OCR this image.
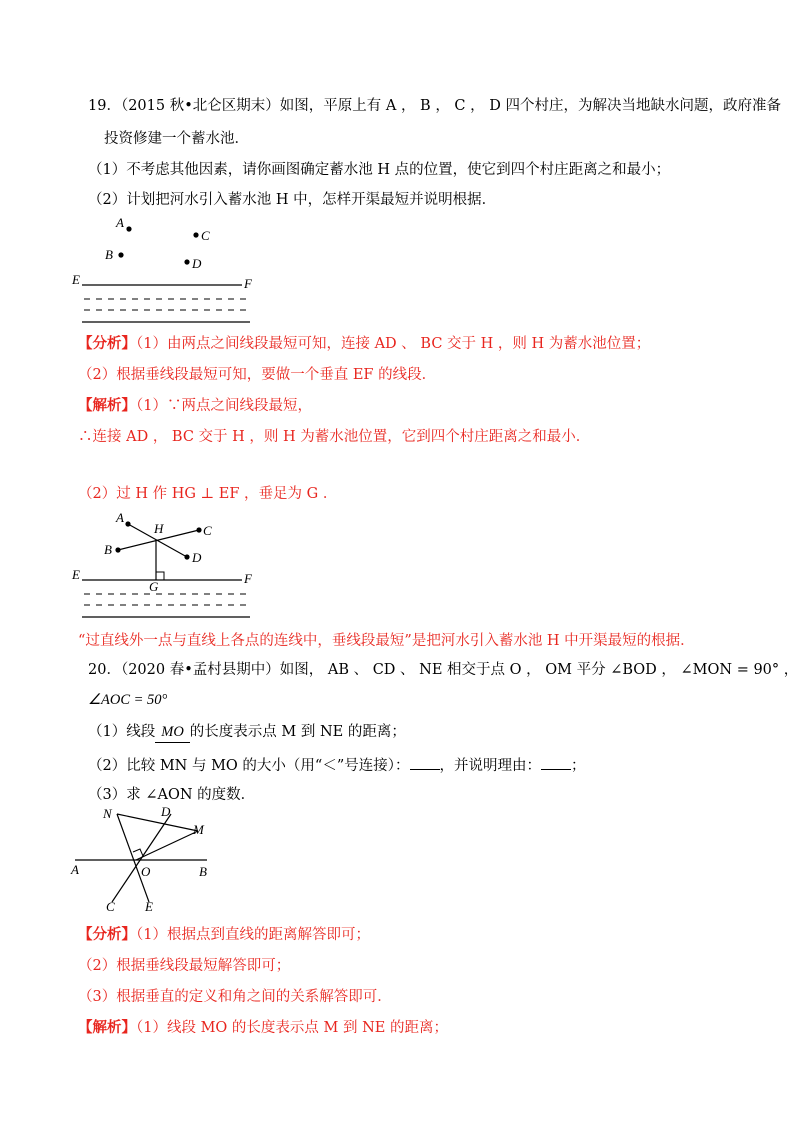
19．（2015 秋•北仑区期末）如图，平原上有 A ， B ， C ， D 四个村庄，为解决当地缺水问题，政府准备
投资修建一个蓄水池．
（1）不考虑其他因素，请你画图确定蓄水池 H 点的位置，使它到四个村庄距离之和最小；
（2）计划把河水引入蓄水池 H 中，怎样开渠最短并说明根据．
A
B
C
D
E	F
【分析】（1）由两点之间线段最短可知，连接 AD 、 BC 交于 H ，则 H 为蓄水池位置；
（2）根据垂线段最短可知，要做一个垂直 EF 的线段．
【解析】（1）∵两点之间线段最短，
∴连接 AD ， BC 交于 H ，则 H 为蓄水池位置，它到四个村庄距离之和最小．
（2）过 H 作 HG ⊥ EF ，垂足为 G ．
A
B
C
D
H
G
E	F
“过直线外一点与直线上各点的连线中，垂线段最短”是把河水引入蓄水池 H 中开渠最短的根据．
20．（2020 春•孟村县期中）如图， AB 、 CD 、 NE 相交于点 O ， OM 平分 ∠BOD ， ∠MON = 90° ，
∠AOC = 50°
（1）线段 MO 的长度表示点 M 到 NE 的距离；
（2）比较 MN 与 MO 的大小（用“＜”号连接）： ，并说明理由： ；
（3）求 ∠AON 的度数．
N	D
M
A	O	B
C E
【分析】（1）根据点到直线的距离解答即可；
（2）根据垂线段最短解答即可；
（3）根据垂直的定义和角之间的关系解答即可．
【解析】（1）线段 MO 的长度表示点 M 到 NE 的距离；
